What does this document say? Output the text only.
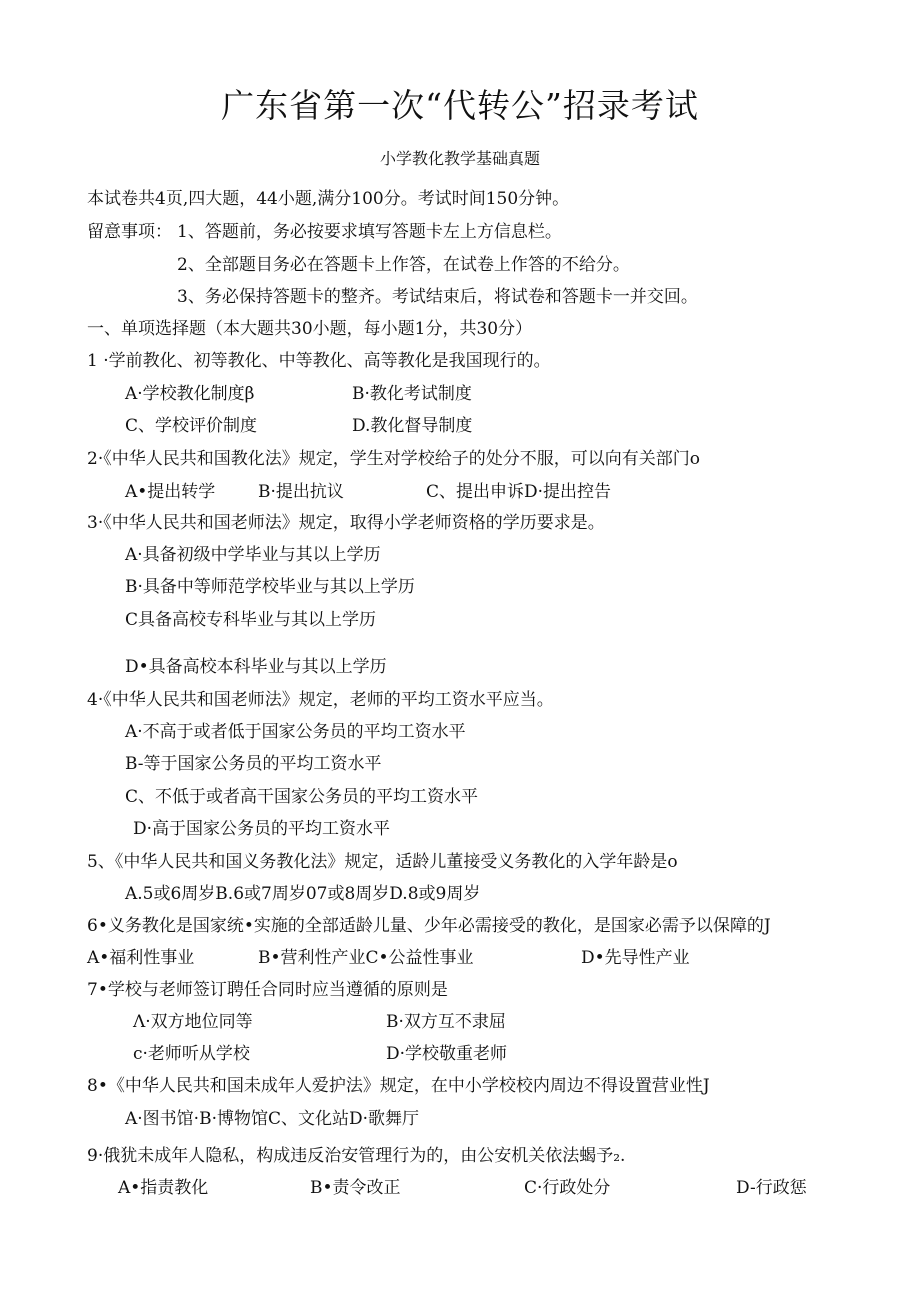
广东省第一次“代转公”招录考试
小学教化教学基础真题
本试卷共4页,四大题，44小题,满分100分。考试时间150分钟。
留意事项： 1、答题前，务必按要求填写答题卡左上方信息栏。
2、全部题目务必在答题卡上作答，在试卷上作答的不给分。
3、务必保持答题卡的整齐。考试结束后，将试卷和答题卡一并交回。
一、单项选择题（本大题共30小题，每小题1分，共30分）
1 ·学前教化、初等教化、中等教化、高等教化是我国现行的。
A·学校教化制度β	B·教化考试制度
C、学校评价制度	D.教化督导制度
2·《中华人民共和国教化法》规定，学生对学校给子的处分不服，可以向有关部门o
A•提出转学	B·提出抗议	C、提出申诉D·提出控告
3·《中华人民共和国老师法》规定，取得小学老师资格的学历要求是。
A·具备初级中学毕业与其以上学历
B·具备中等师范学校毕业与其以上学历
C具备高校专科毕业与其以上学历
D•具备高校本科毕业与其以上学历
4·《中华人民共和国老师法》规定，老师的平均工资水平应当。
A·不高于或者低于国家公务员的平均工资水平
B-等于国家公务员的平均工资水平
C、不低于或者高干国家公务员的平均工资水平
D·高于国家公务员的平均工资水平
5、《中华人民共和国义务教化法》规定，适龄儿董接受义务教化的入学年龄是o
A.5或6周岁B.6或7周岁07或8周岁D.8或9周岁
6•义务教化是国家统•实施的全部适龄儿量、少年必需接受的教化，是国家必需予以保障的J
A•福利性事业	B•营利性产业C•公益性事业	D•先导性产业
7•学校与老师签订聘任合同时应当遵循的原则是
Λ·双方地位同等	B·双方互不隶屈
c·老师听从学校	D·学校敬重老师
8•《中华人民共和国未成年人爱护法》规定，在中小学校校内周边不得设置营业性J
A·图书馆·B·博物馆C、文化站D·歌舞厅
9·俄犹未成年人隐私，构成违反治安管理行为的，由公安机关依法蝎予₂.
A•指责教化	B•责令改正	C·行政处分	D-行政惩
